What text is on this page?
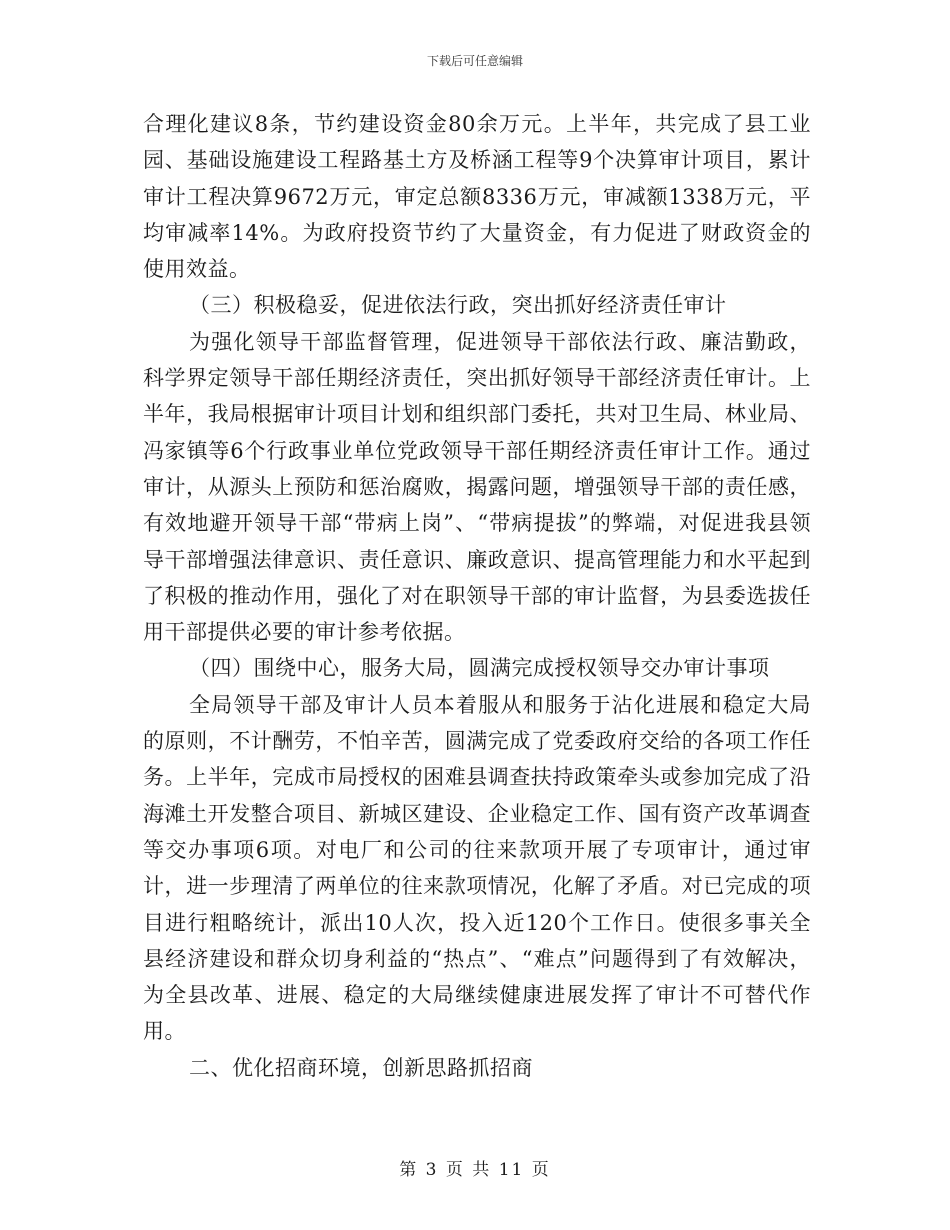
下载后可任意编辑

合理化建议8条，节约建设资金80余万元。上半年，共完成了县工业园、基础设施建设工程路基土方及桥涵工程等9个决算审计项目，累计审计工程决算9672万元，审定总额8336万元，审减额1338万元，平均审减率14%。为政府投资节约了大量资金，有力促进了财政资金的使用效益。

（三）积极稳妥，促进依法行政，突出抓好经济责任审计

为强化领导干部监督管理，促进领导干部依法行政、廉洁勤政，科学界定领导干部任期经济责任，突出抓好领导干部经济责任审计。上半年，我局根据审计项目计划和组织部门委托，共对卫生局、林业局、冯家镇等6个行政事业单位党政领导干部任期经济责任审计工作。通过审计，从源头上预防和惩治腐败，揭露问题，增强领导干部的责任感，有效地避开领导干部“带病上岗”、“带病提拔”的弊端，对促进我县领导干部增强法律意识、责任意识、廉政意识、提高管理能力和水平起到了积极的推动作用，强化了对在职领导干部的审计监督，为县委选拔任用干部提供必要的审计参考依据。

（四）围绕中心，服务大局，圆满完成授权领导交办审计事项

全局领导干部及审计人员本着服从和服务于沾化进展和稳定大局的原则，不计酬劳，不怕辛苦，圆满完成了党委政府交给的各项工作任务。上半年，完成市局授权的困难县调查扶持政策牵头或参加完成了沿海滩土开发整合项目、新城区建设、企业稳定工作、国有资产改革调查等交办事项6项。对电厂和公司的往来款项开展了专项审计，通过审计，进一步理清了两单位的往来款项情况，化解了矛盾。对已完成的项目进行粗略统计，派出10人次，投入近120个工作日。使很多事关全县经济建设和群众切身利益的“热点”、“难点”问题得到了有效解决，为全县改革、进展、稳定的大局继续健康进展发挥了审计不可替代作用。

二、优化招商环境，创新思路抓招商

第 3 页 共 11 页
